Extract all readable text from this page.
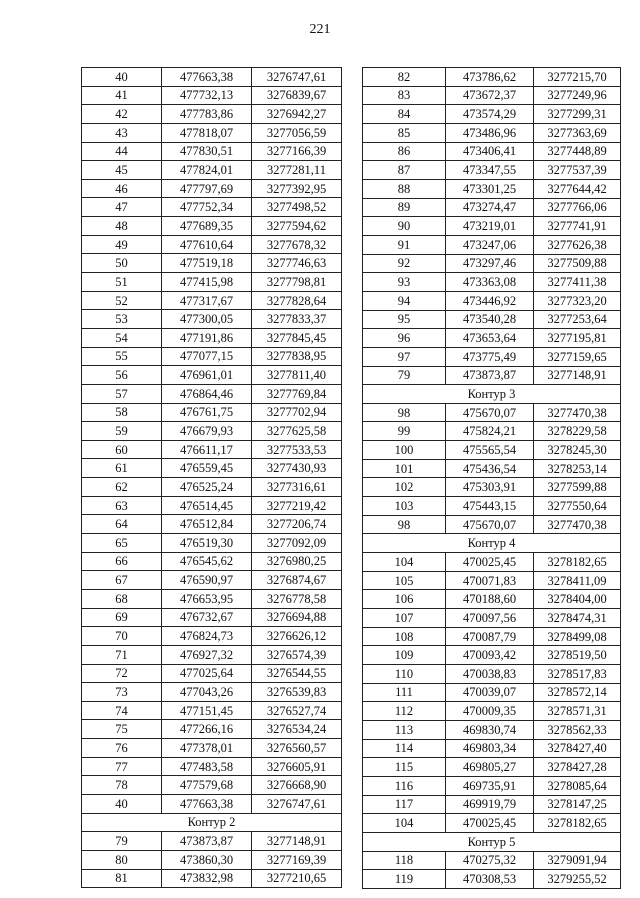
221
40	477663,38	3276747,61
41	477732,13	3276839,67
42	477783,86	3276942,27
43	477818,07	3277056,59
44	477830,51	3277166,39
45	477824,01	3277281,11
46	477797,69	3277392,95
47	477752,34	3277498,52
48	477689,35	3277594,62
49	477610,64	3277678,32
50	477519,18	3277746,63
51	477415,98	3277798,81
52	477317,67	3277828,64
53	477300,05	3277833,37
54	477191,86	3277845,45
55	477077,15	3277838,95
56	476961,01	3277811,40
57	476864,46	3277769,84
58	476761,75	3277702,94
59	476679,93	3277625,58
60	476611,17	3277533,53
61	476559,45	3277430,93
62	476525,24	3277316,61
63	476514,45	3277219,42
64	476512,84	3277206,74
65	476519,30	3277092,09
66	476545,62	3276980,25
67	476590,97	3276874,67
68	476653,95	3276778,58
69	476732,67	3276694,88
70	476824,73	3276626,12
71	476927,32	3276574,39
72	477025,64	3276544,55
73	477043,26	3276539,83
74	477151,45	3276527,74
75	477266,16	3276534,24
76	477378,01	3276560,57
77	477483,58	3276605,91
78	477579,68	3276668,90
40	477663,38	3276747,61
Контур 2		
79	473873,87	3277148,91
80	473860,30	3277169,39
81	473832,98	3277210,65
82	473786,62	3277215,70
83	473672,37	3277249,96
84	473574,29	3277299,31
85	473486,96	3277363,69
86	473406,41	3277448,89
87	473347,55	3277537,39
88	473301,25	3277644,42
89	473274,47	3277766,06
90	473219,01	3277741,91
91	473247,06	3277626,38
92	473297,46	3277509,88
93	473363,08	3277411,38
94	473446,92	3277323,20
95	473540,28	3277253,64
96	473653,64	3277195,81
97	473775,49	3277159,65
79	473873,87	3277148,91
Контур 3		
98	475670,07	3277470,38
99	475824,21	3278229,58
100	475565,54	3278245,30
101	475436,54	3278253,14
102	475303,91	3277599,88
103	475443,15	3277550,64
98	475670,07	3277470,38
Контур 4		
104	470025,45	3278182,65
105	470071,83	3278411,09
106	470188,60	3278404,00
107	470097,56	3278474,31
108	470087,79	3278499,08
109	470093,42	3278519,50
110	470038,83	3278517,83
111	470039,07	3278572,14
112	470009,35	3278571,31
113	469830,74	3278562,33
114	469803,34	3278427,40
115	469805,27	3278427,28
116	469735,91	3278085,64
117	469919,79	3278147,25
104	470025,45	3278182,65
Контур 5		
118	470275,32	3279091,94
119	470308,53	3279255,52
